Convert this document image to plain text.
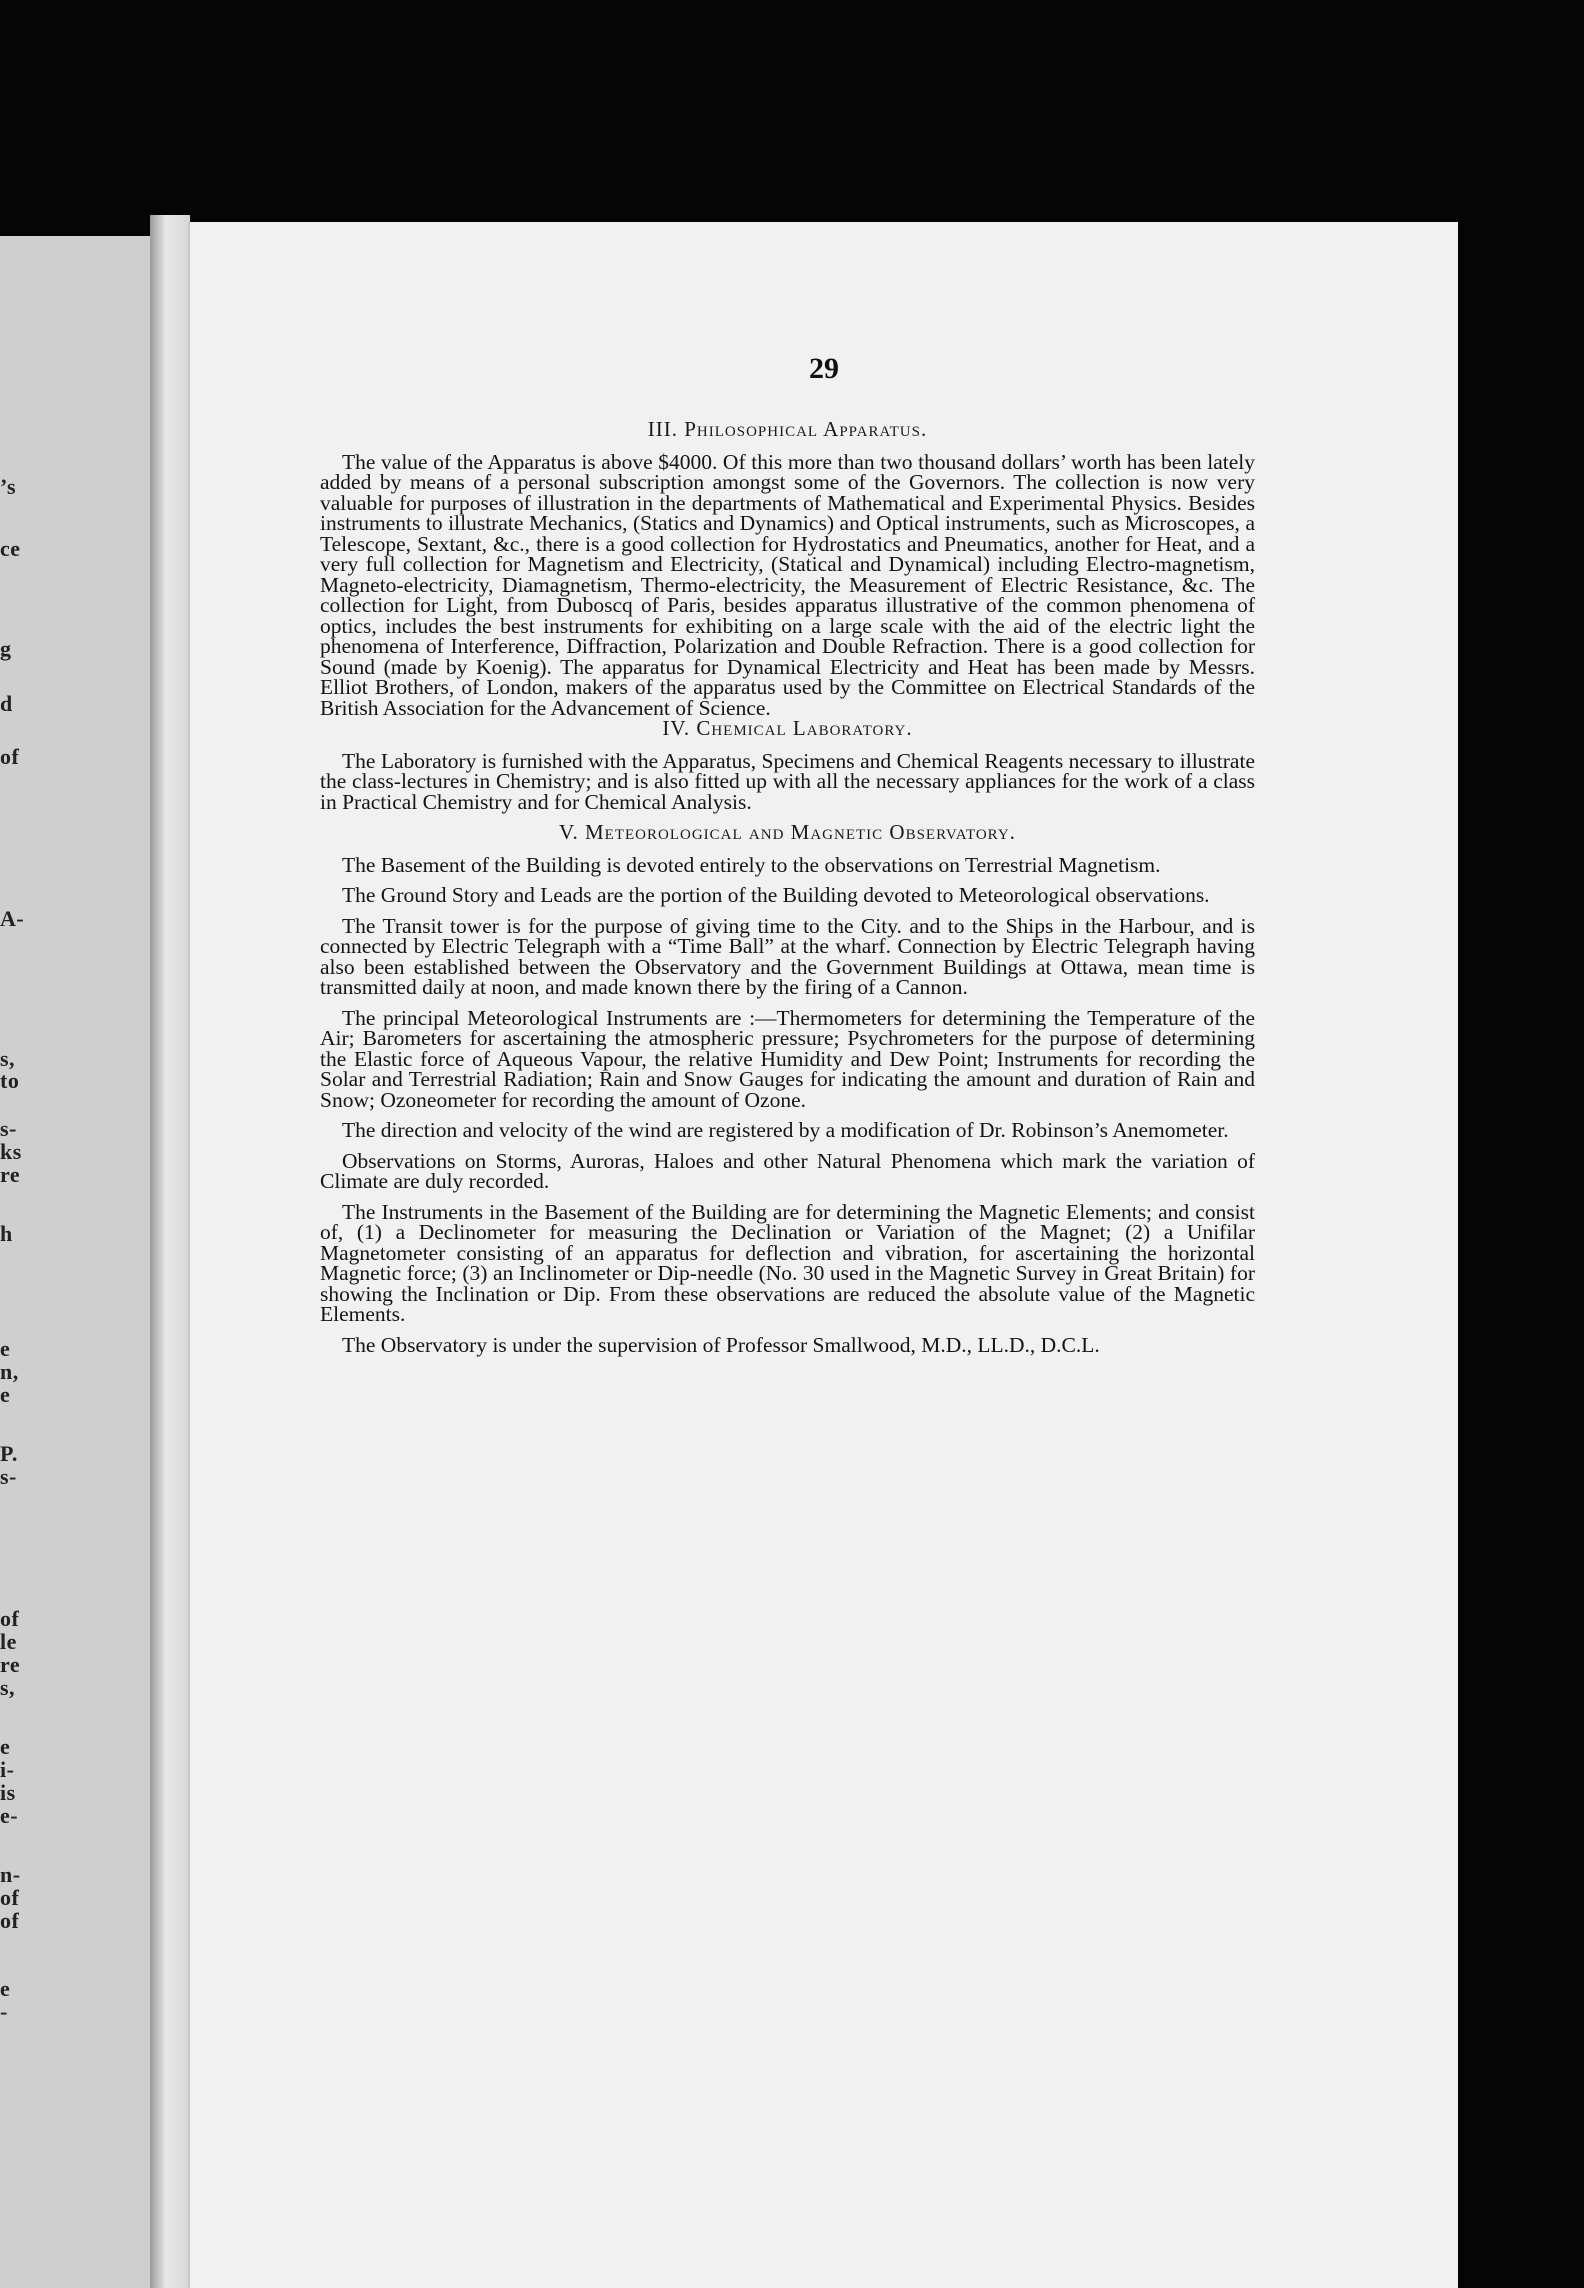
’s
ce
g
d
of
A-
s,
to
s-
ks
re
h
e
n,
e
P.
s-
of
le
re
s,
e
i-
is
e-
n-
of
of
e
-
29
III. Philosophical Apparatus.

The value of the Apparatus is above $4000. Of this more than two thousand dollars’ worth has been lately added by means of a personal subscription amongst some of the Governors. The collection is now very valuable for purposes of illustration in the departments of Mathematical and Experimental Physics. Besides instruments to illustrate Mechanics, (Statics and Dynamics) and Optical instruments, such as Microscopes, a Telescope, Sextant, &c., there is a good collection for Hydrostatics and Pneumatics, another for Heat, and a very full collection for Magnetism and Electricity, (Statical and Dynamical) including Electro-magnetism, Magneto-electricity, Diamagnetism, Thermo-electricity, the Measurement of Electric Resistance, &c. The collection for Light, from Duboscq of Paris, besides apparatus illustrative of the common phenomena of optics, includes the best instruments for exhibiting on a large scale with the aid of the electric light the phenomena of Interference, Diffraction, Polarization and Double Refraction. There is a good collection for Sound (made by Koenig). The apparatus for Dynamical Electricity and Heat has been made by Messrs. Elliot Brothers, of London, makers of the apparatus used by the Committee on Electrical Standards of the British Association for the Advancement of Science.

IV. Chemical Laboratory.

The Laboratory is furnished with the Apparatus, Specimens and Chemical Reagents necessary to illustrate the class-lectures in Chemistry; and is also fitted up with all the necessary appliances for the work of a class in Practical Chemistry and for Chemical Analysis.

V. Meteorological and Magnetic Observatory.

The Basement of the Building is devoted entirely to the observations on Terrestrial Magnetism.

The Ground Story and Leads are the portion of the Building devoted to Meteorological observations.

The Transit tower is for the purpose of giving time to the City. and to the Ships in the Harbour, and is connected by Electric Telegraph with a “Time Ball” at the wharf. Connection by Electric Telegraph having also been established between the Observatory and the Government Buildings at Ottawa, mean time is transmitted daily at noon, and made known there by the firing of a Cannon.

The principal Meteorological Instruments are :—Thermometers for determining the Temperature of the Air; Barometers for ascertaining the atmospheric pressure; Psychrometers for the purpose of determining the Elastic force of Aqueous Vapour, the relative Humidity and Dew Point; Instruments for recording the Solar and Terrestrial Radiation; Rain and Snow Gauges for indicating the amount and duration of Rain and Snow; Ozoneometer for recording the amount of Ozone.

The direction and velocity of the wind are registered by a modification of Dr. Robinson’s Anemometer.

Observations on Storms, Auroras, Haloes and other Natural Phenomena which mark the variation of Climate are duly recorded.

The Instruments in the Basement of the Building are for determining the Magnetic Elements; and consist of, (1) a Declinometer for measuring the Declination or Variation of the Magnet; (2) a Unifilar Magnetometer consisting of an apparatus for deflection and vibration, for ascertaining the horizontal Magnetic force; (3) an Inclinometer or Dip-needle (No. 30 used in the Magnetic Survey in Great Britain) for showing the Inclination or Dip. From these observations are reduced the absolute value of the Magnetic Elements.

The Observatory is under the supervision of Professor Smallwood, M.D., LL.D., D.C.L.
